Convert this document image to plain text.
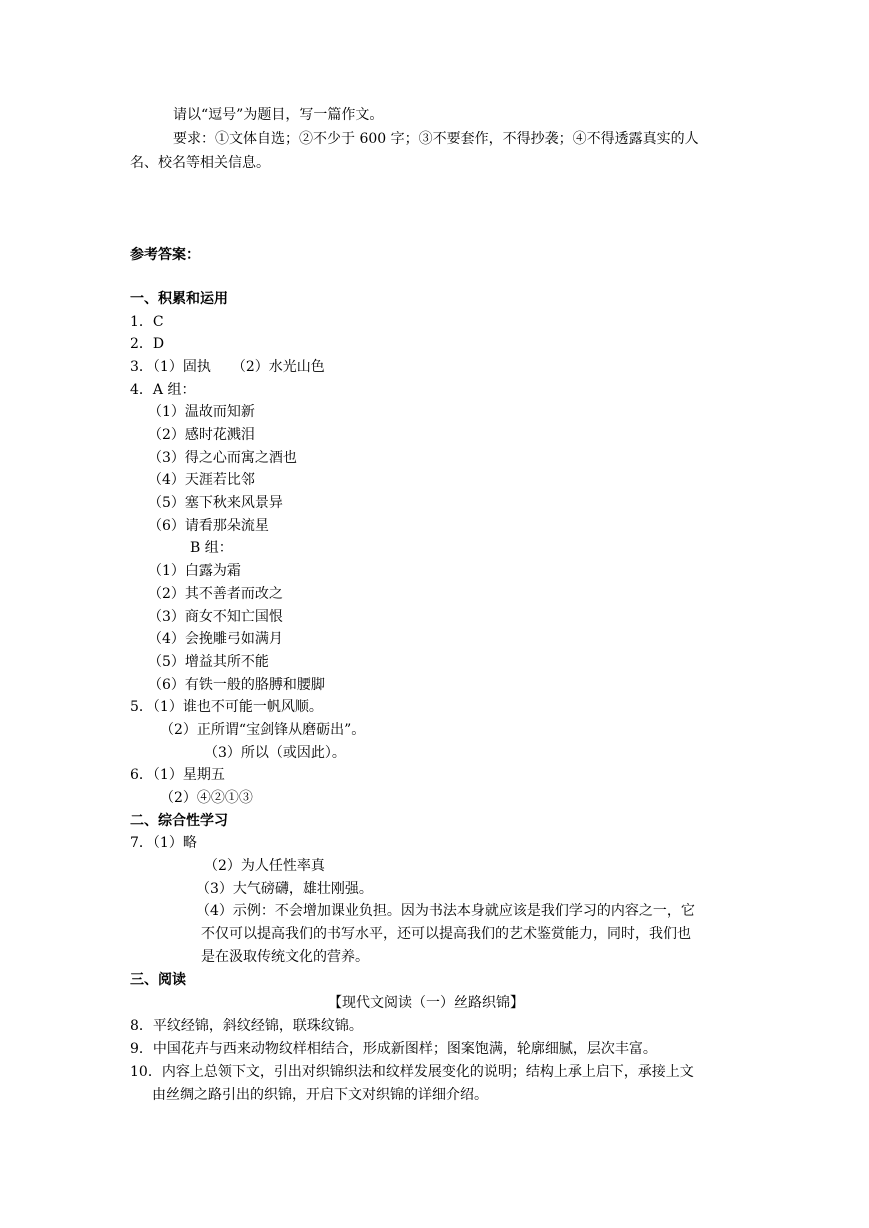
请以“逗号”为题目，写一篇作文。
要求：①文体自选；②不少于 600 字；③不要套作，不得抄袭；④不得透露真实的人
名、校名等相关信息。
参考答案：
一、积累和运用
1．C
2．D
3．（1）固执　　（2）水光山色
4．A 组：
（1）温故而知新
（2）感时花溅泪
（3）得之心而寓之酒也
（4）天涯若比邻
（5）塞下秋来风景异
（6）请看那朵流星
B 组：
（1）白露为霜
（2）其不善者而改之
（3）商女不知亡国恨
（4）会挽雕弓如满月
（5）增益其所不能
（6）有铁一般的胳膊和腰脚
5．（1）谁也不可能一帆风顺。
（2）正所谓“宝剑锋从磨砺出”。
（3）所以（或因此）。
6．（1）星期五
（2）④②①③
二、综合性学习
7．（1）略
（2）为人任性率真
（3）大气磅礴，雄壮刚强。
（4）示例：不会增加课业负担。因为书法本身就应该是我们学习的内容之一，它
不仅可以提高我们的书写水平，还可以提高我们的艺术鉴赏能力，同时，我们也
是在汲取传统文化的营养。
三、阅读
【现代文阅读（一）丝路织锦】
8．平纹经锦，斜纹经锦，联珠纹锦。
9．中国花卉与西来动物纹样相结合，形成新图样；图案饱满，轮廓细腻，层次丰富。
10．内容上总领下文，引出对织锦织法和纹样发展变化的说明；结构上承上启下，承接上文
由丝绸之路引出的织锦，开启下文对织锦的详细介绍。
